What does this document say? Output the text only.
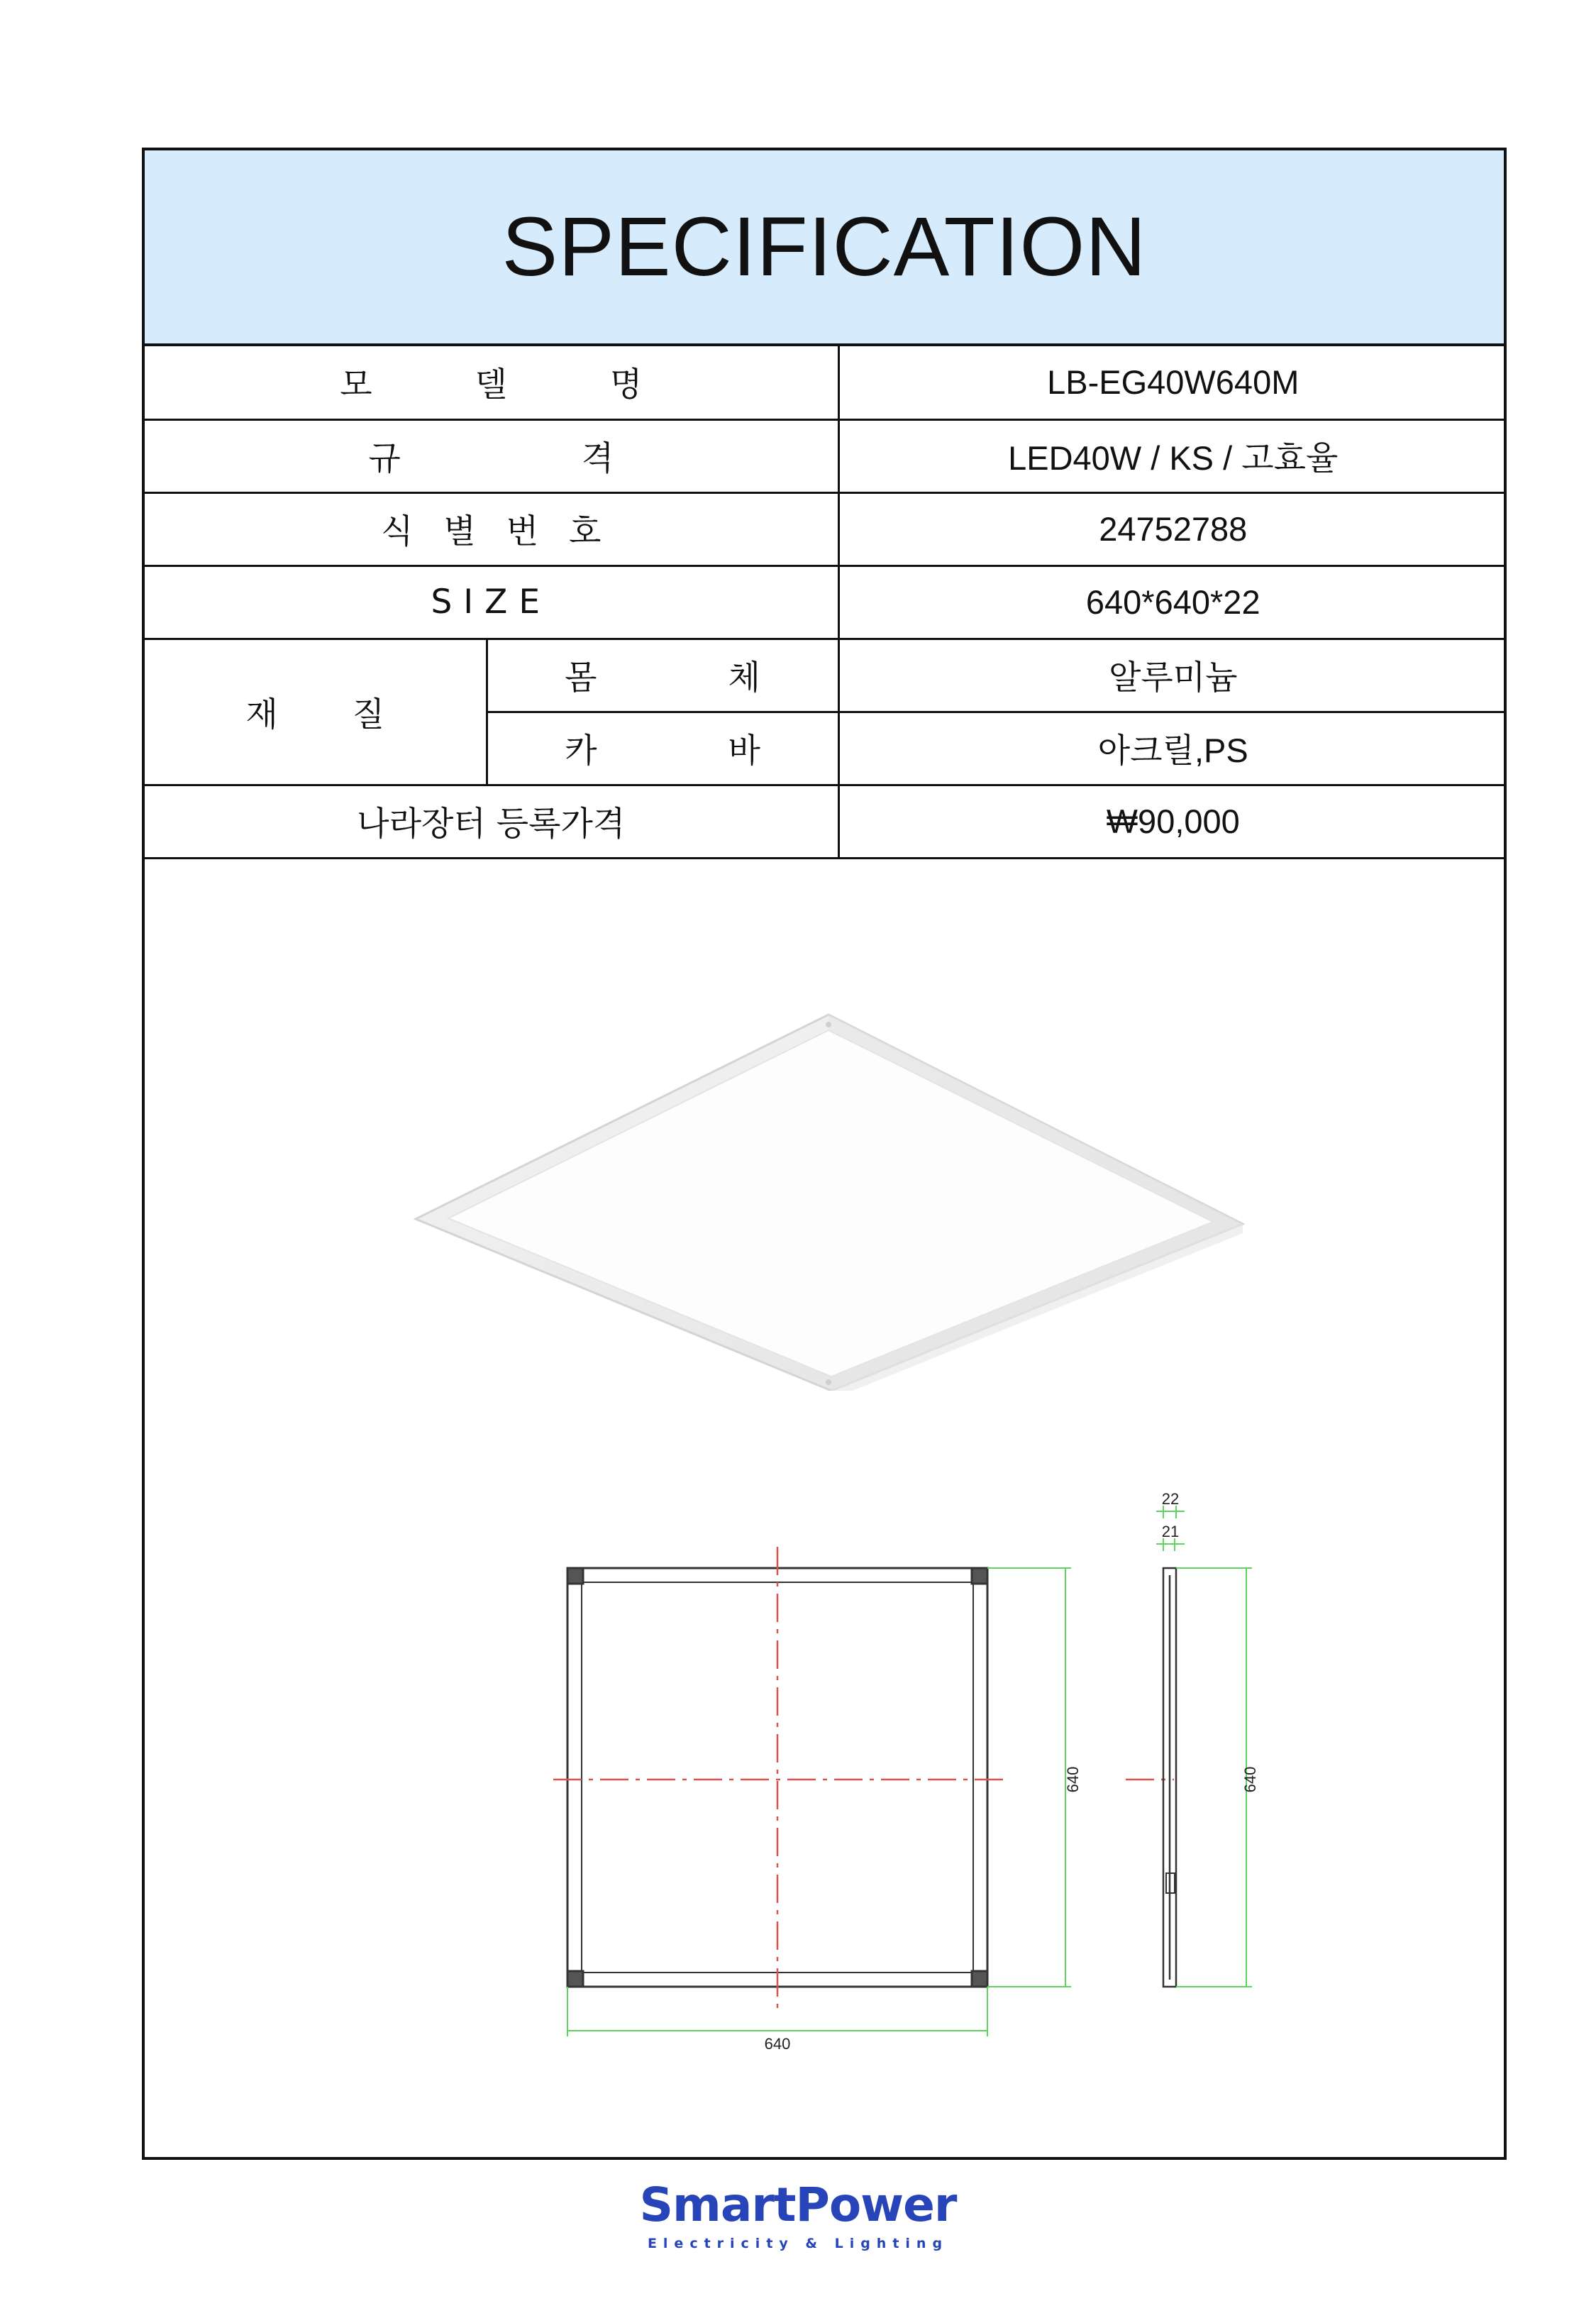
SPECIFICATION
모 델 명		LB-EG40W640M
규 격		LED40W / KS / 고효율
식 별 번 호		24752788
SIZE		640*640*22
재 질	몸 체	알루미늄
	카 바	아크릴,PS
나라장터 등록가격		₩90,000
640
640
640
22
21
SmartPower
Electricity & Lighting
